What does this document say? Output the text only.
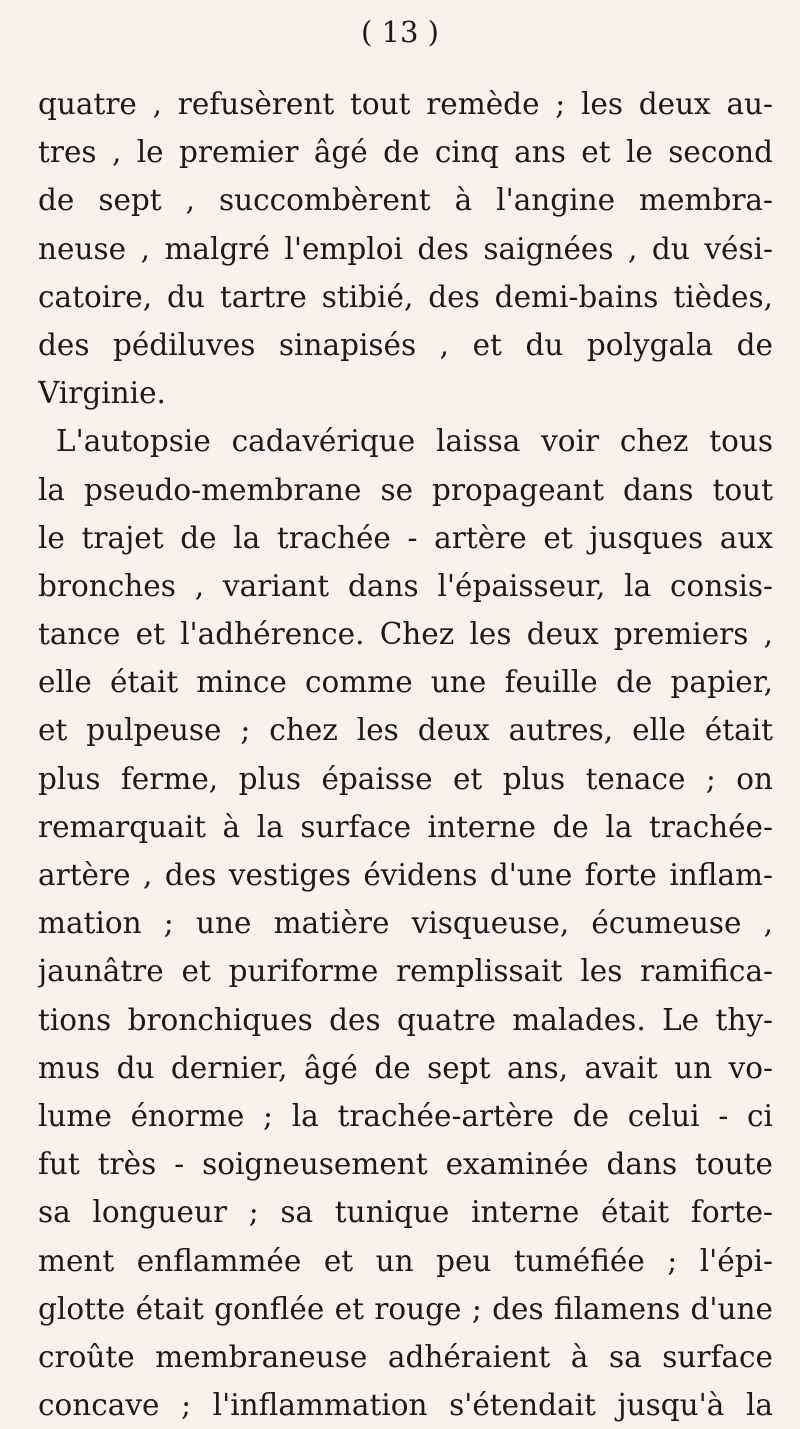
( 13 )
quatre , refusèrent tout remède ; les deux au-
tres , le premier âgé de cinq ans et le second
de sept , succombèrent à l'angine membra-
neuse , malgré l'emploi des saignées , du vési-
catoire, du tartre stibié, des demi-bains tièdes,
des pédiluves sinapisés , et du polygala de
Virginie.
L'autopsie cadavérique laissa voir chez tous
la pseudo-membrane se propageant dans tout
le trajet de la trachée - artère et jusques aux
bronches , variant dans l'épaisseur, la consis-
tance et l'adhérence. Chez les deux premiers ,
elle était mince comme une feuille de papier,
et pulpeuse ; chez les deux autres, elle était
plus ferme, plus épaisse et plus tenace ; on
remarquait à la surface interne de la trachée-
artère , des vestiges évidens d'une forte inflam-
mation ; une matière visqueuse, écumeuse ,
jaunâtre et puriforme remplissait les ramifica-
tions bronchiques des quatre malades. Le thy-
mus du dernier, âgé de sept ans, avait un vo-
lume énorme ; la trachée-artère de celui - ci
fut très - soigneusement examinée dans toute
sa longueur ; sa tunique interne était forte-
ment enflammée et un peu tuméfiée ; l'épi-
glotte était gonflée et rouge ; des filamens d'une
croûte membraneuse adhéraient à sa surface
concave ; l'inflammation s'étendait jusqu'à la
